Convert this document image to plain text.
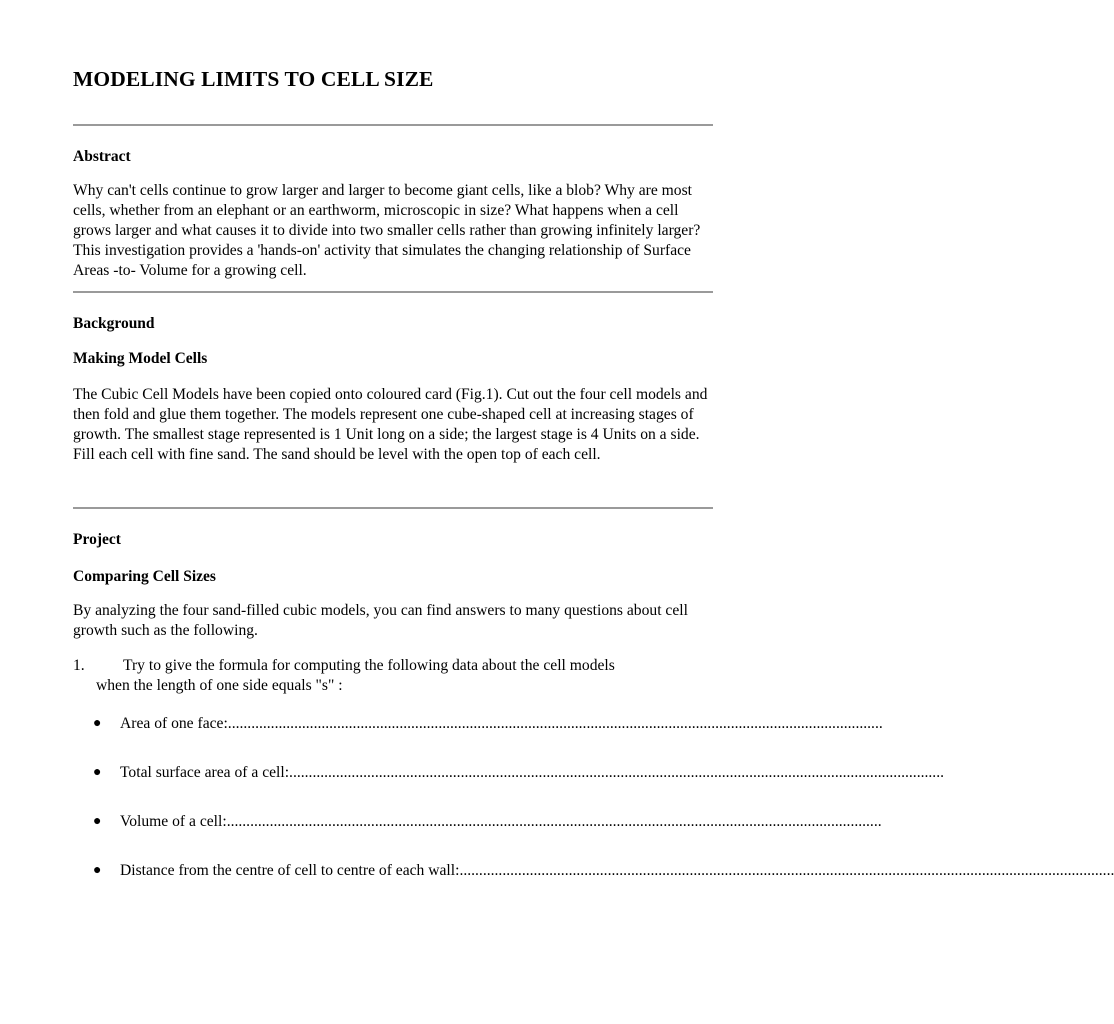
MODELING LIMITS TO CELL SIZE

Abstract

Why can't cells continue to grow larger and larger to become giant cells, like a blob? Why are most cells, whether from an elephant or an earthworm, microscopic in size? What happens when a cell grows larger and what causes it to divide into two smaller cells rather than growing infinitely larger? This investigation provides a 'hands-on' activity that simulates the changing relationship of Surface Areas -to- Volume for a growing cell.

Background

Making Model Cells

The Cubic Cell Models have been copied onto coloured card (Fig.1). Cut out the four cell models and then fold and glue them together. The models represent one cube-shaped cell at increasing stages of growth. The smallest stage represented is 1 Unit long on a side; the largest stage is 4 Units on a side. Fill each cell with fine sand. The sand should be level with the open top of each cell.

Project

Comparing Cell Sizes

By analyzing the four sand-filled cubic models, you can find answers to many questions about cell growth such as the following.

1.	Try to give the formula for computing the following data about the cell models
when the length of one side equals "s" :
●	Area of one face: ........................................................................................................................................................................
●	Total surface area of a cell: ........................................................................................................................................................................
●	Volume of a cell: ........................................................................................................................................................................
●	Distance from the centre of cell to centre of each wall: ........................................................................................................................................................................
